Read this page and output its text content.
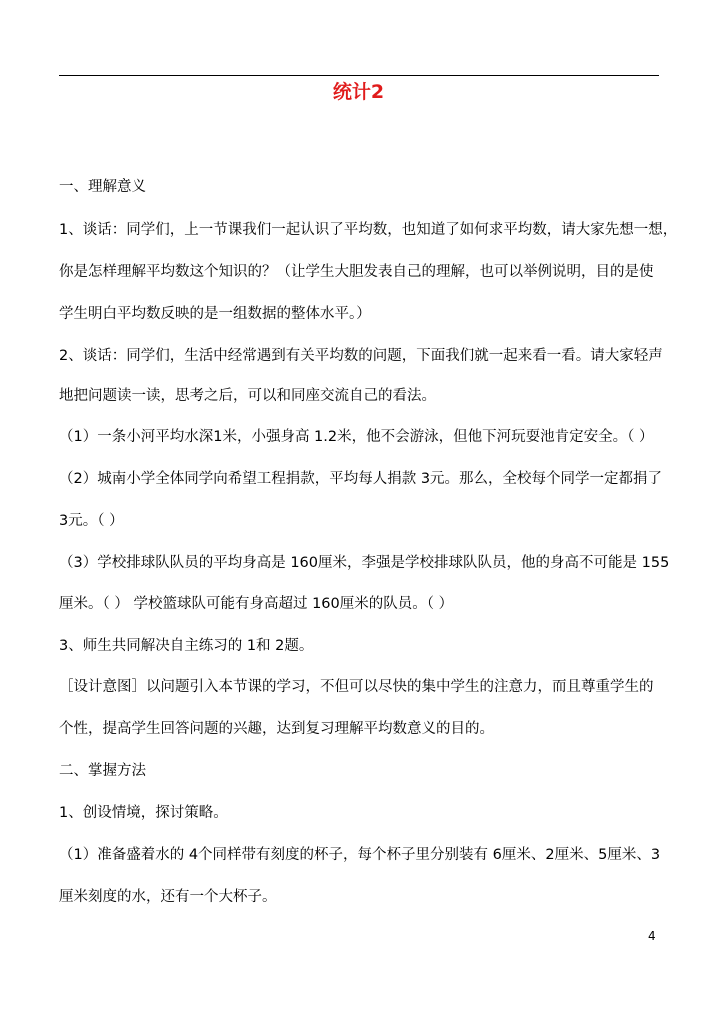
统计2
一、理解意义
1、谈话：同学们，上一节课我们一起认识了平均数，也知道了如何求平均数，请大家先想一想，
你是怎样理解平均数这个知识的？（让学生大胆发表自己的理解，也可以举例说明，目的是使
学生明白平均数反映的是一组数据的整体水平。）
2、谈话：同学们，生活中经常遇到有关平均数的问题，下面我们就一起来看一看。请大家轻声
地把问题读一读，思考之后，可以和同座交流自己的看法。
（1）一条小河平均水深1米，小强身高 1.2米，他不会游泳，但他下河玩耍池肯定安全。（ ）
（2）城南小学全体同学向希望工程捐款，平均每人捐款 3元。那么，全校每个同学一定都捐了
3元。（ ）
（3）学校排球队队员的平均身高是 160厘米，李强是学校排球队队员，他的身高不可能是 155
厘米。（ ） 学校篮球队可能有身高超过 160厘米的队员。（ ）
3、师生共同解决自主练习的 1和 2题。
［设计意图］以问题引入本节课的学习，不但可以尽快的集中学生的注意力，而且尊重学生的
个性，提高学生回答问题的兴趣，达到复习理解平均数意义的目的。
二、掌握方法
1、创设情境，探讨策略。
（1）准备盛着水的 4个同样带有刻度的杯子，每个杯子里分别装有 6厘米、2厘米、5厘米、3
厘米刻度的水，还有一个大杯子。
4
